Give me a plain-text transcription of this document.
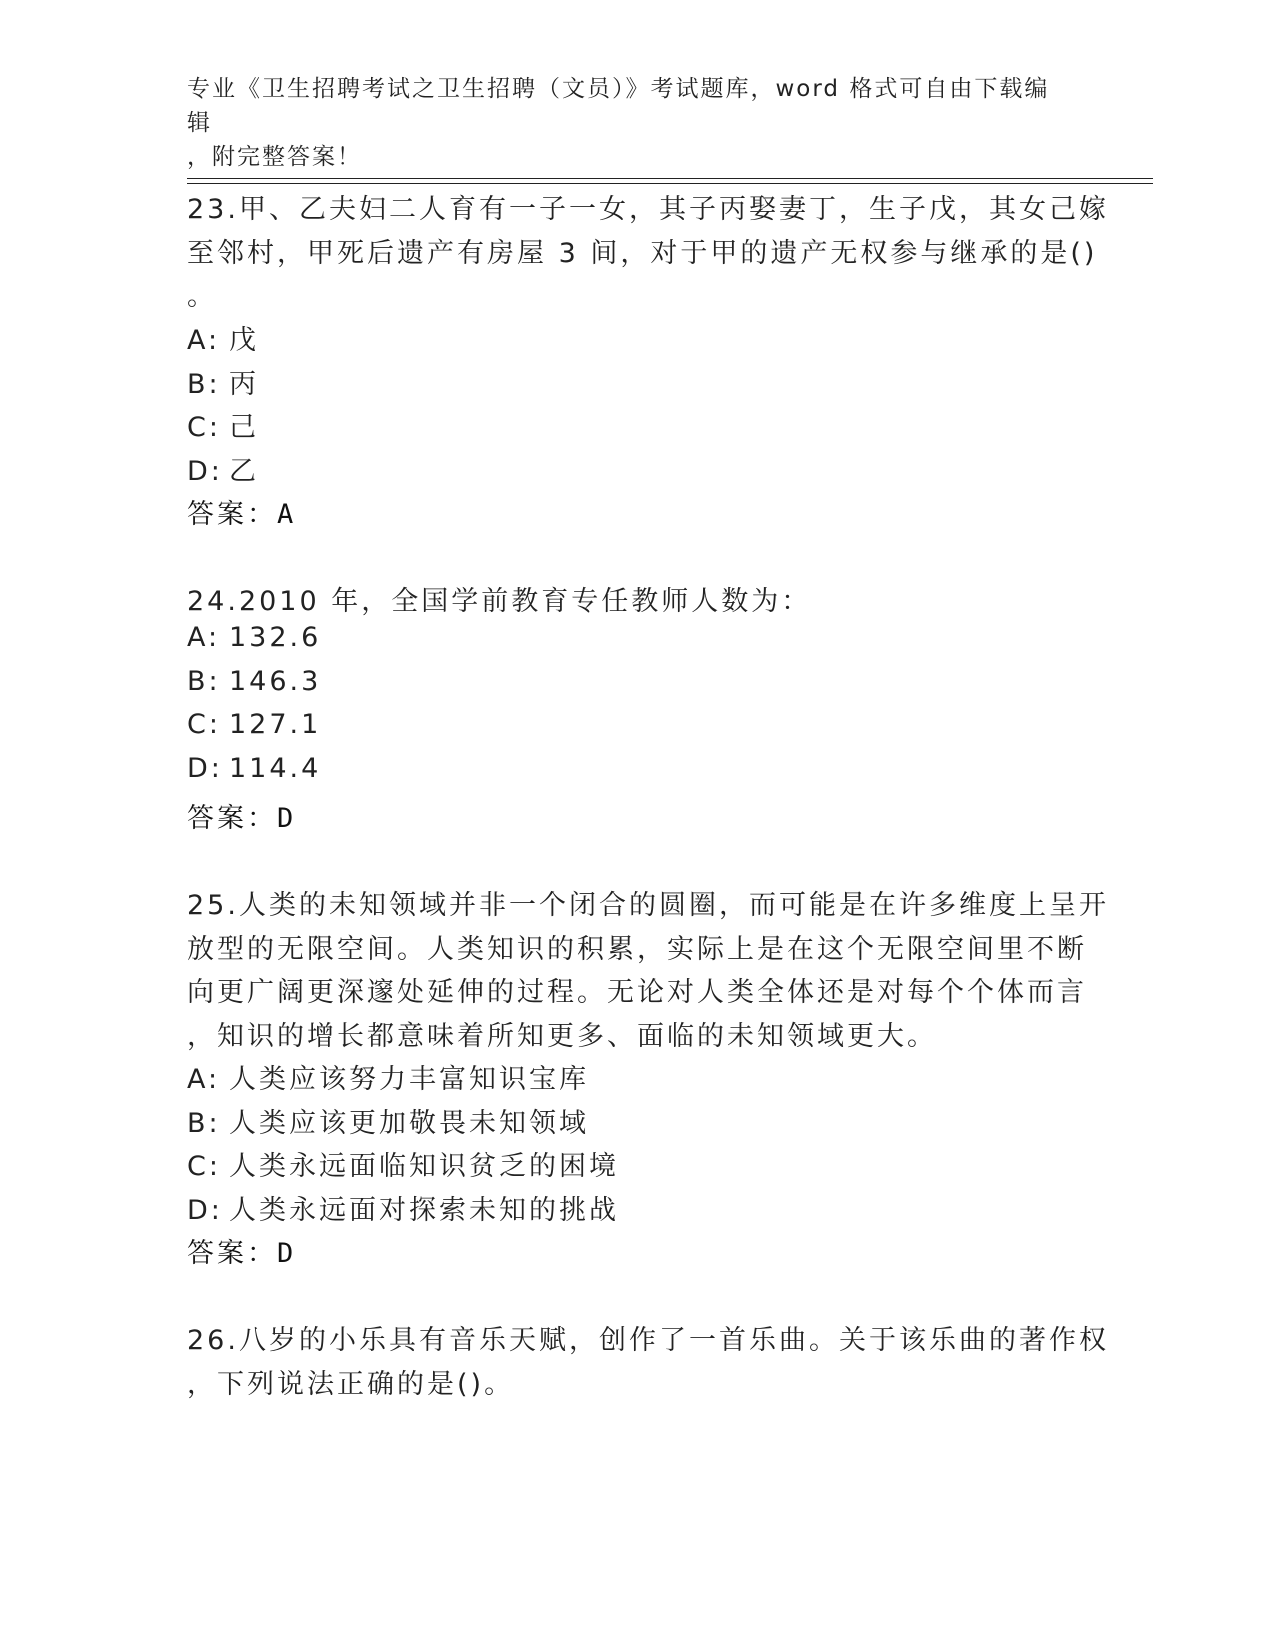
专业《卫生招聘考试之卫生招聘（文员）》考试题库，word 格式可自由下载编辑
，附完整答案！
23.甲、乙夫妇二人育有一子一女，其子丙娶妻丁，生子戊，其女己嫁
至邻村，甲死后遗产有房屋 3 间，对于甲的遗产无权参与继承的是()
。
A: 戊
B: 丙
C: 己
D: 乙
答案：A
24.2010 年，全国学前教育专任教师人数为：
A: 132.6
B: 146.3
C: 127.1
D: 114.4
答案：D
25.人类的未知领域并非一个闭合的圆圈，而可能是在许多维度上呈开
放型的无限空间。人类知识的积累，实际上是在这个无限空间里不断
向更广阔更深邃处延伸的过程。无论对人类全体还是对每个个体而言
，知识的增长都意味着所知更多、面临的未知领域更大。
A: 人类应该努力丰富知识宝库
B: 人类应该更加敬畏未知领域
C: 人类永远面临知识贫乏的困境
D: 人类永远面对探索未知的挑战
答案：D
26.八岁的小乐具有音乐天赋，创作了一首乐曲。关于该乐曲的著作权
，下列说法正确的是()。
